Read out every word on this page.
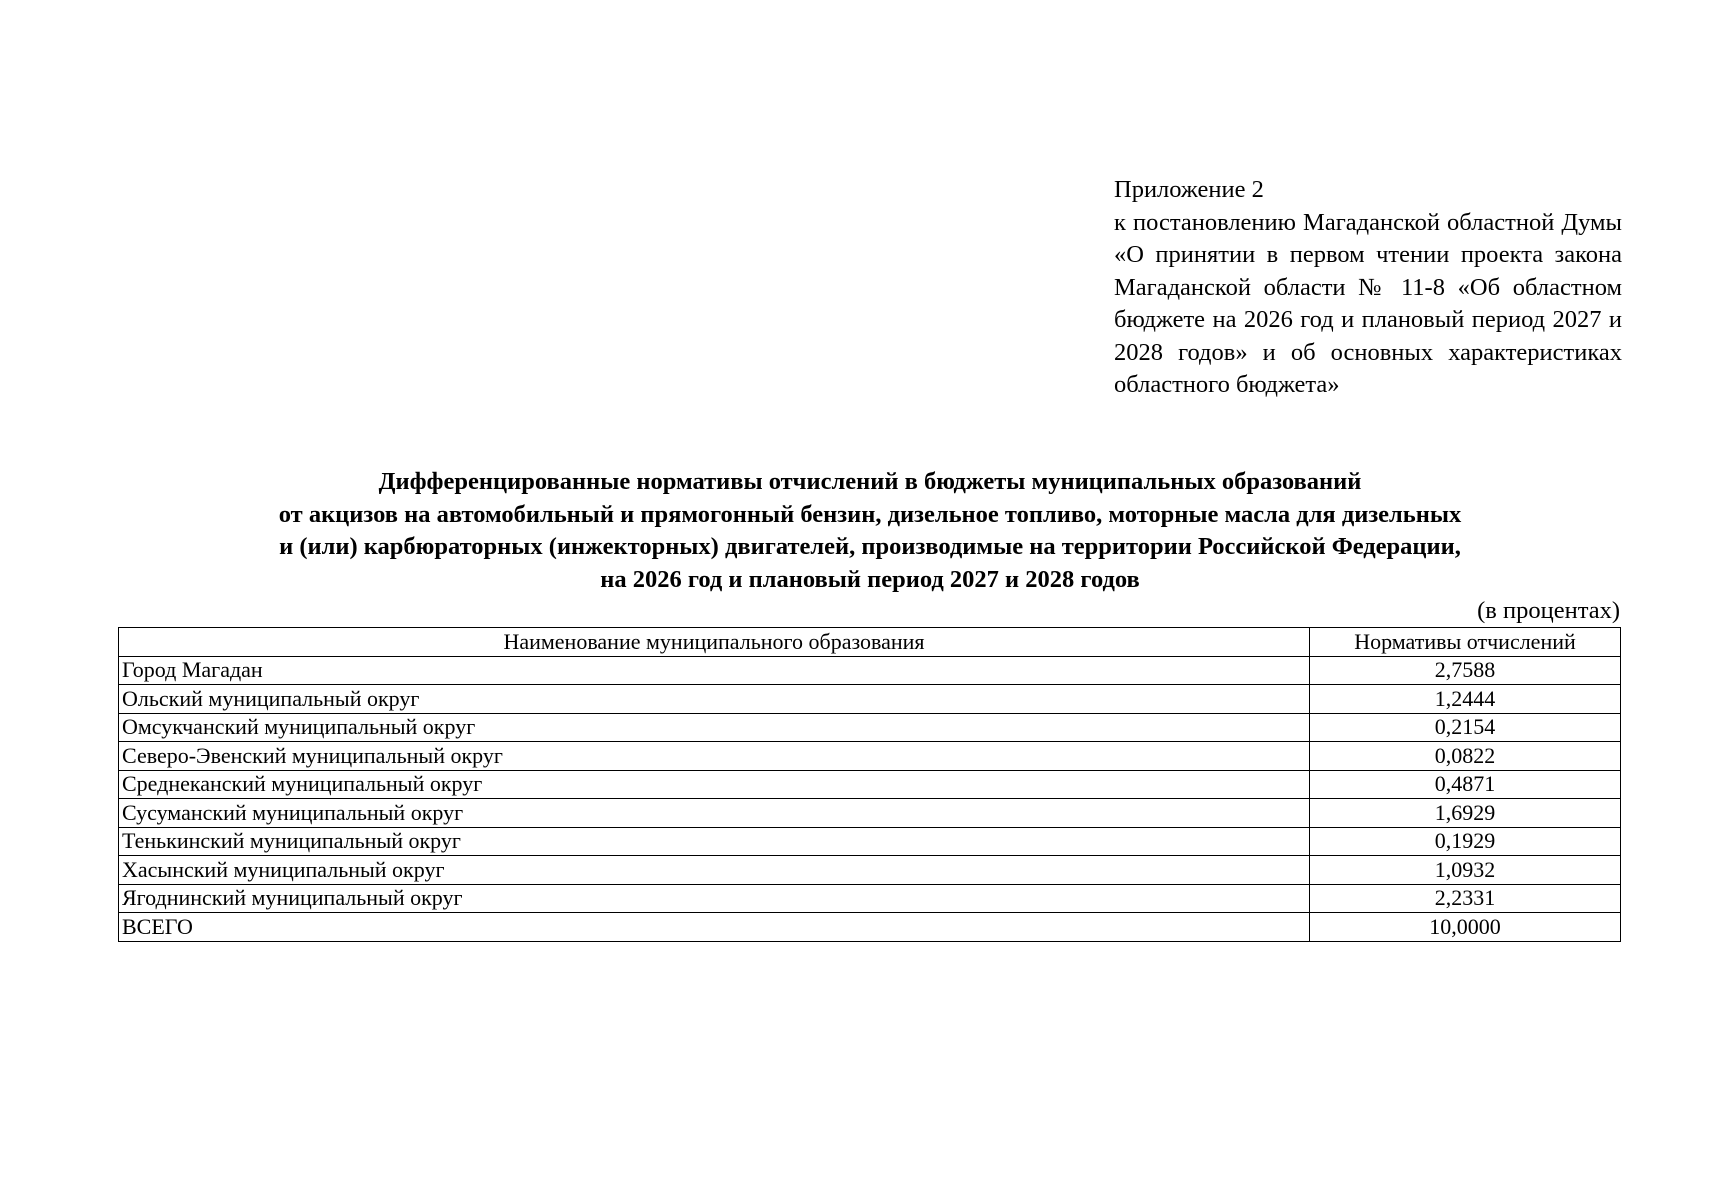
Приложение 2
к постановлению Магаданской областной Думы «О принятии в первом чтении проекта закона Магаданской области № 11-8 «Об областном бюджете на 2026 год и плановый период 2027 и 2028 годов» и об основных характеристиках областного бюджета»
Дифференцированные нормативы отчислений в бюджеты муниципальных образований
от акцизов на автомобильный и прямогонный бензин, дизельное топливо, моторные масла для дизельных
и (или) карбюраторных (инжекторных) двигателей, производимые на территории Российской Федерации,
на 2026 год и плановый период 2027 и 2028 годов
(в процентах)
Наименование муниципального образования	Нормативы отчислений
Город Магадан	2,7588
Ольский муниципальный округ	1,2444
Омсукчанский муниципальный округ	0,2154
Северо-Эвенский муниципальный округ	0,0822
Среднеканский муниципальный округ	0,4871
Сусуманский муниципальный округ	1,6929
Тенькинский муниципальный округ	0,1929
Хасынский муниципальный округ	1,0932
Ягоднинский муниципальный округ	2,2331
ВСЕГО	10,0000
